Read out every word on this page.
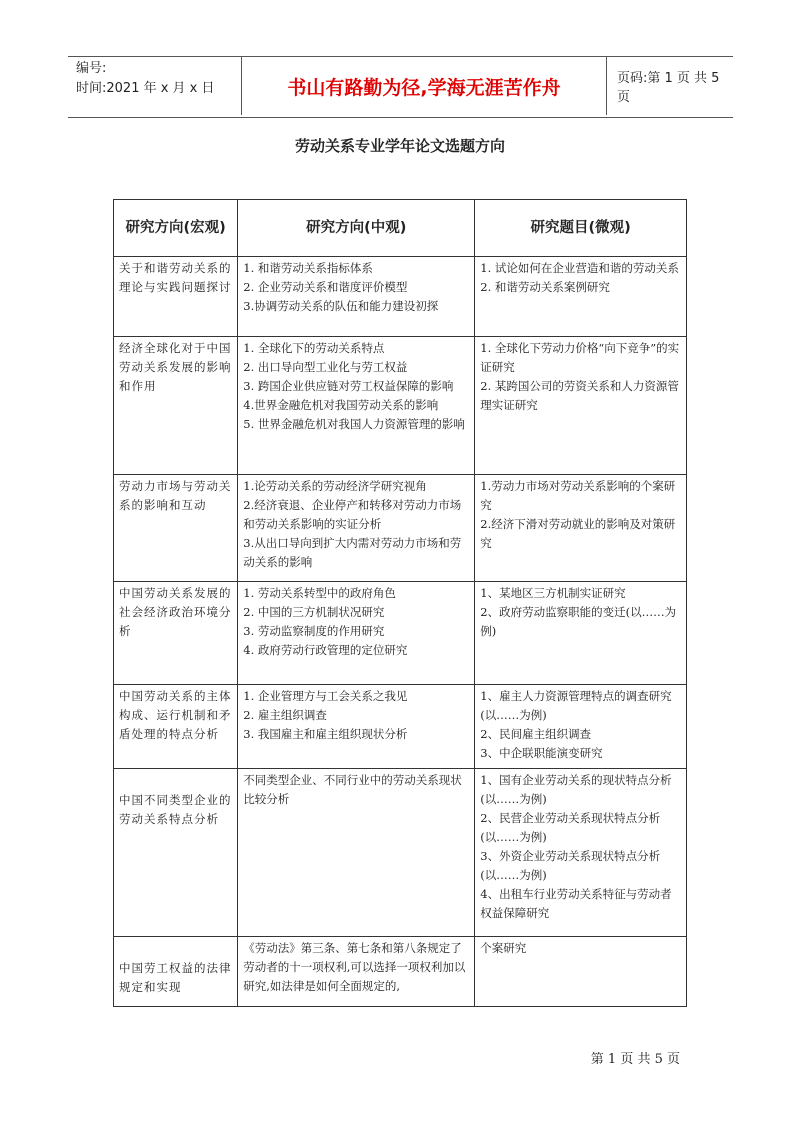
编号:
时间:2021 年 x 月 x 日	书山有路勤为径,学海无涯苦作舟	页码:第 1 页 共 5 页
劳动关系专业学年论文选题方向
研究方向(宏观)	研究方向(中观)	研究题目(微观)
关于和谐劳动关系的理论与实践问题探讨	1. 和谐劳动关系指标体系
2. 企业劳动关系和谐度评价模型
3.协调劳动关系的队伍和能力建设初探	1. 试论如何在企业营造和谐的劳动关系
2. 和谐劳动关系案例研究

经济全球化对于中国劳动关系发展的影响和作用	1. 全球化下的劳动关系特点
2. 出口导向型工业化与劳工权益
3. 跨国企业供应链对劳工权益保障的影响
4.世界金融危机对我国劳动关系的影响
5. 世界金融危机对我国人力资源管理的影响	1. 全球化下劳动力价格“向下竞争”的实证研究
2. 某跨国公司的劳资关系和人力资源管理实证研究

劳动力市场与劳动关系的影响和互动	1.论劳动关系的劳动经济学研究视角
2.经济衰退、企业停产和转移对劳动力市场和劳动关系影响的实证分析
3.从出口导向到扩大内需对劳动力市场和劳动关系的影响	1.劳动力市场对劳动关系影响的个案研究
2.经济下滑对劳动就业的影响及对策研究

中国劳动关系发展的社会经济政治环境分析	1. 劳动关系转型中的政府角色
2. 中国的三方机制状况研究
3. 劳动监察制度的作用研究
4. 政府劳动行政管理的定位研究	1、某地区三方机制实证研究
2、政府劳动监察职能的变迁(以……为例)

中国劳动关系的主体构成、运行机制和矛盾处理的特点分析	1. 企业管理方与工会关系之我见
2. 雇主组织调查
3. 我国雇主和雇主组织现状分析	1、雇主人力资源管理特点的调查研究(以……为例)
2、民间雇主组织调查
3、中企联职能演变研究

中国不同类型企业的劳动关系特点分析	不同类型企业、不同行业中的劳动关系现状比较分析	1、国有企业劳动关系的现状特点分析(以……为例)
2、民营企业劳动关系现状特点分析(以……为例)
3、外资企业劳动关系现状特点分析(以……为例)
4、出租车行业劳动关系特征与劳动者权益保障研究

中国劳工权益的法律规定和实现	《劳动法》第三条、第七条和第八条规定了劳动者的十一项权利,可以选择一项权利加以研究,如法律是如何全面规定的,	个案研究
第 1 页 共 5 页
